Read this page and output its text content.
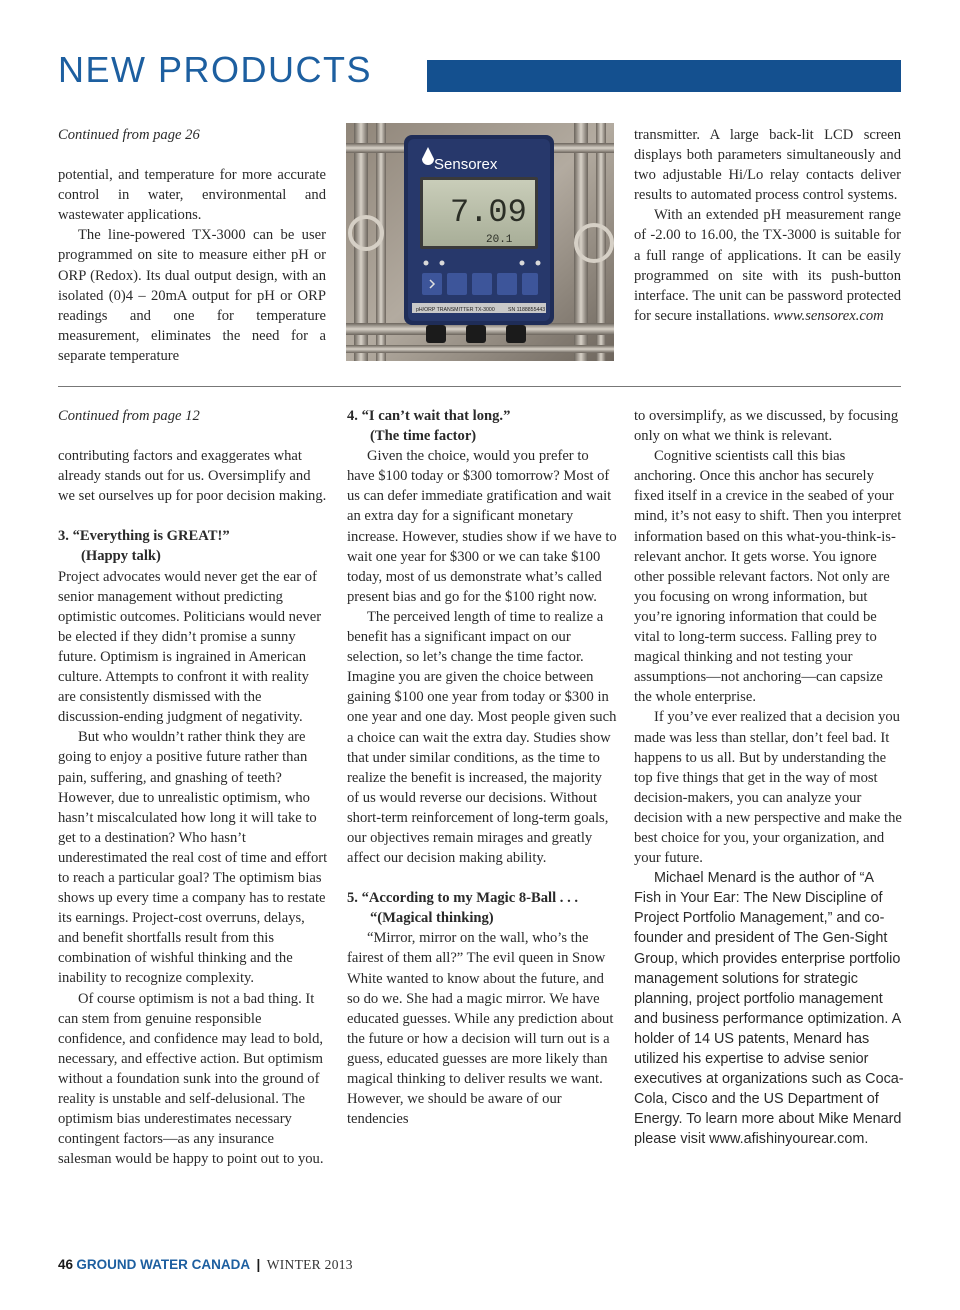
NEW PRODUCTS

Continued from page 26

potential, and temperature for more accurate control in water, environmental and wastewater applications.

The line-powered TX-3000 can be user programmed on site to measure either pH or ORP (Redox). Its dual output design, with an isolated (0)4 – 20mA output for pH or ORP readings and one for temperature measurement, eliminates the need for a separate temperature

Sensorex
7.09
20.1
pH/ORP TRANSMITTER TX-3000	SN 1188855443

transmitter. A large back-lit LCD screen displays both parameters simultaneously and two adjustable Hi/Lo relay contacts deliver results to automated process control systems.

With an extended pH measurement range of -2.00 to 16.00, the TX-3000 is suitable for a full range of applications. It can be easily programmed on site with its push-button interface. The unit can be password protected for secure installations. www.sensorex.com

Continued from page 12

contributing factors and exaggerates what already stands out for us. Oversimplify and we set ourselves up for poor decision making.

3. “Everything is GREAT!”
(Happy talk)

Project advocates would never get the ear of senior management without predicting optimistic outcomes. Politicians would never be elected if they didn’t promise a sunny future. Optimism is ingrained in American culture. Attempts to confront it with reality are consistently dismissed with the discussion-ending judgment of negativity.

But who wouldn’t rather think they are going to enjoy a positive future rather than pain, suffering, and gnashing of teeth? However, due to unrealistic optimism, who hasn’t miscalculated how long it will take to get to a destination? Who hasn’t underestimated the real cost of time and effort to reach a particular goal? The optimism bias shows up every time a company has to restate its earnings. Project-cost overruns, delays, and benefit shortfalls result from this combination of wishful thinking and the inability to recognize complexity.

Of course optimism is not a bad thing. It can stem from genuine responsible confidence, and confidence may lead to bold, necessary, and effective action. But optimism without a foundation sunk into the ground of reality is unstable and self-delusional. The optimism bias underestimates necessary contingent factors—as any insurance salesman would be happy to point out to you.

4. “I can’t wait that long.”
(The time factor)

Given the choice, would you prefer to have $100 today or $300 tomorrow? Most of us can defer immediate gratification and wait an extra day for a significant monetary increase. However, studies show if we have to wait one year for $300 or we can take $100 today, most of us demonstrate what’s called present bias and go for the $100 right now.

The perceived length of time to realize a benefit has a significant impact on our selection, so let’s change the time factor. Imagine you are given the choice between gaining $100 one year from today or $300 in one year and one day. Most people given such a choice can wait the extra day. Studies show that under similar conditions, as the time to realize the benefit is increased, the majority of us would reverse our decisions. Without short-term reinforcement of long-term goals, our objectives remain mirages and greatly affect our decision making ability.

5. “According to my Magic 8-Ball . . .
“(Magical thinking)

“Mirror, mirror on the wall, who’s the fairest of them all?” The evil queen in Snow White wanted to know about the future, and so do we. She had a magic mirror. We have educated guesses. While any prediction about the future or how a decision will turn out is a guess, educated guesses are more likely than magical thinking to deliver results we want. However, we should be aware of our tendencies

to oversimplify, as we discussed, by focusing only on what we think is relevant.

Cognitive scientists call this bias anchoring. Once this anchor has securely fixed itself in a crevice in the seabed of your mind, it’s not easy to shift. Then you interpret information based on this what-you-think-is-relevant anchor. It gets worse. You ignore other possible relevant factors. Not only are you focusing on wrong information, but you’re ignoring information that could be vital to long-term success. Falling prey to magical thinking and not testing your assumptions—not anchoring—can capsize the whole enterprise.

If you’ve ever realized that a decision you made was less than stellar, don’t feel bad. It happens to us all. But by understanding the top five things that get in the way of most decision-makers, you can analyze your decision with a new perspective and make the best choice for you, your organization, and your future.

Michael Menard is the author of “A Fish in Your Ear: The New Discipline of Project Portfolio Management,” and co-founder and president of The Gen-Sight Group, which provides enterprise portfolio management solutions for strategic planning, project portfolio management and business performance optimization. A holder of 14 US patents, Menard has utilized his expertise to advise senior executives at organizations such as Coca-Cola, Cisco and the US Department of Energy. To learn more about Mike Menard please visit www.afishinyourear.com.

46 GROUND WATER CANADA | WINTER 2013
